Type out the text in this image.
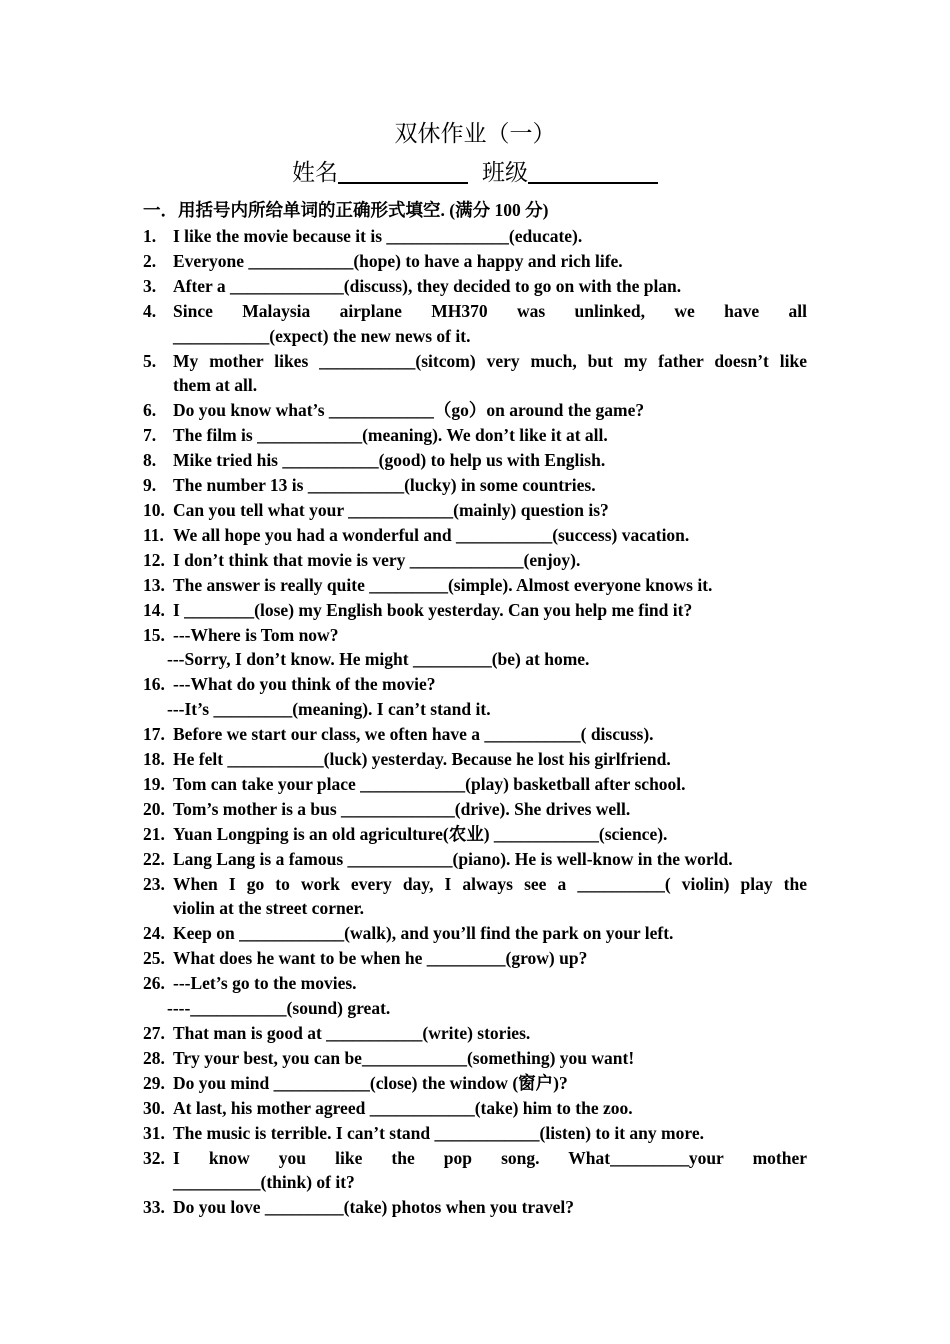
双休作业（一）
姓名	班级
一．用括号内所给单词的正确形式填空. (满分 100 分)
1. I like the movie because it is ______________(educate).
2. Everyone ____________(hope) to have a happy and rich life.
3. After a _____________(discuss), they decided to go on with the plan.
4. Since Malaysia airplane MH370 was unlinked, we have all
___________(expect) the new news of it.
5. My mother likes ___________(sitcom) very much, but my father doesn’t like
them at all.
6. Do you know what’s ____________（go）on around the game?
7. The film is ____________(meaning). We don’t like it at all.
8. Mike tried his ___________(good) to help us with English.
9. The number 13 is ___________(lucky) in some countries.
10. Can you tell what your ____________(mainly) question is?
11. We all hope you had a wonderful and ___________(success) vacation.
12. I don’t think that movie is very _____________(enjoy).
13. The answer is really quite _________(simple). Almost everyone knows it.
14. I ________(lose) my English book yesterday. Can you help me find it?
15. ---Where is Tom now?
---Sorry, I don’t know. He might _________(be) at home.
16. ---What do you think of the movie?
---It’s _________(meaning). I can’t stand it.
17. Before we start our class, we often have a ___________( discuss).
18. He felt ___________(luck) yesterday. Because he lost his girlfriend.
19. Tom can take your place ____________(play) basketball after school.
20. Tom’s mother is a bus _____________(drive). She drives well.
21. Yuan Longping is an old agriculture(农业) ____________(science).
22. Lang Lang is a famous ____________(piano). He is well-know in the world.
23. When I go to work every day, I always see a __________( violin) play the
violin at the street corner.
24. Keep on ____________(walk), and you’ll find the park on your left.
25. What does he want to be when he _________(grow) up?
26. ---Let’s go to the movies.
----___________(sound) great.
27. That man is good at ___________(write) stories.
28. Try your best, you can be____________(something) you want!
29. Do you mind ___________(close) the window (窗户)?
30. At last, his mother agreed ____________(take) him to the zoo.
31. The music is terrible. I can’t stand ____________(listen) to it any more.
32. I know you like the pop song. What_________your mother
__________(think) of it?
33. Do you love _________(take) photos when you travel?
